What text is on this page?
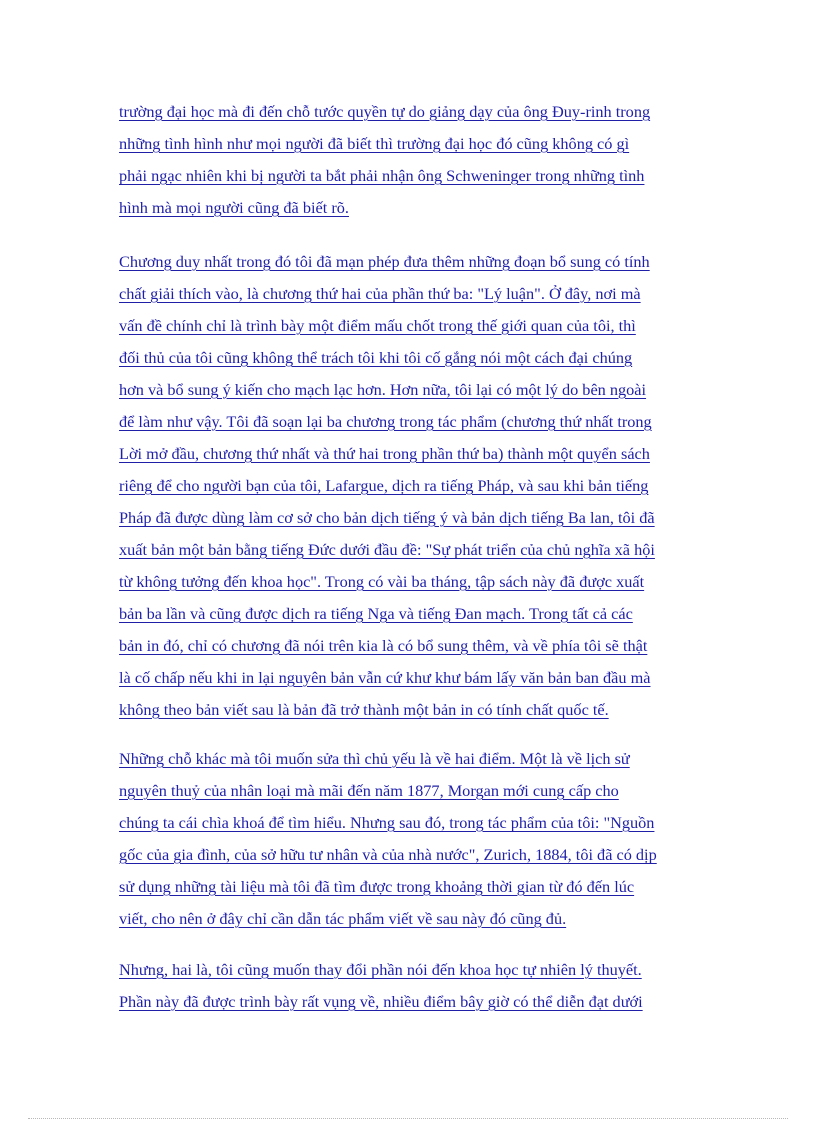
trường đại học mà đi đến chỗ tước quyền tự do giảng dạy của ông Đuy-rinh trong
những tình hình như mọi người đã biết thì trường đại học đó cũng không có gì
phải ngạc nhiên khi bị người ta bắt phải nhận ông Schweninger trong những tình
hình mà mọi người cũng đã biết rõ.
Chương duy nhất trong đó tôi đã mạn phép đưa thêm những đoạn bổ sung có tính
chất giải thích vào, là chương thứ hai của phần thứ ba: "Lý luận". Ở đây, nơi mà
vấn đề chính chỉ là trình bày một điểm mấu chốt trong thế giới quan của tôi, thì
đối thủ của tôi cũng không thể trách tôi khi tôi cố gắng nói một cách đại chúng
hơn và bổ sung ý kiến cho mạch lạc hơn. Hơn nữa, tôi lại có một lý do bên ngoài
để làm như vậy. Tôi đã soạn lại ba chương trong tác phẩm (chương thứ nhất trong
Lời mở đầu, chương thứ nhất và thứ hai trong phần thứ ba) thành một quyển sách
riêng để cho người bạn của tôi, Lafargue, dịch ra tiếng Pháp, và sau khi bản tiếng
Pháp đã được dùng làm cơ sở cho bản dịch tiếng ý và bản dịch tiếng Ba lan, tôi đã
xuất bản một bản bằng tiếng Đức dưới đầu đề: "Sự phát triển của chủ nghĩa xã hội
từ không tưởng đến khoa học". Trong có vài ba tháng, tập sách này đã được xuất
bản ba lần và cũng được dịch ra tiếng Nga và tiếng Đan mạch. Trong tất cả các
bản in đó, chỉ có chương đã nói trên kia là có bổ sung thêm, và về phía tôi sẽ thật
là cố chấp nếu khi in lại nguyên bản vẫn cứ khư khư bám lấy văn bản ban đầu mà
không theo bản viết sau là bản đã trở thành một bản in có tính chất quốc tế.
Những chỗ khác mà tôi muốn sửa thì chủ yếu là về hai điểm. Một là về lịch sử
nguyên thuỷ của nhân loại mà mãi đến năm 1877, Morgan mới cung cấp cho
chúng ta cái chìa khoá để tìm hiểu. Nhưng sau đó, trong tác phẩm của tôi: "Nguồn
gốc của gia đình, của sở hữu tư nhân và của nhà nước", Zurich, 1884, tôi đã có dịp
sử dụng những tài liệu mà tôi đã tìm được trong khoảng thời gian từ đó đến lúc
viết, cho nên ở đây chỉ cần dẫn tác phẩm viết về sau này đó cũng đủ.
Nhưng, hai là, tôi cũng muốn thay đổi phần nói đến khoa học tự nhiên lý thuyết.
Phần này đã được trình bày rất vụng về, nhiều điểm bây giờ có thể diễn đạt dưới
